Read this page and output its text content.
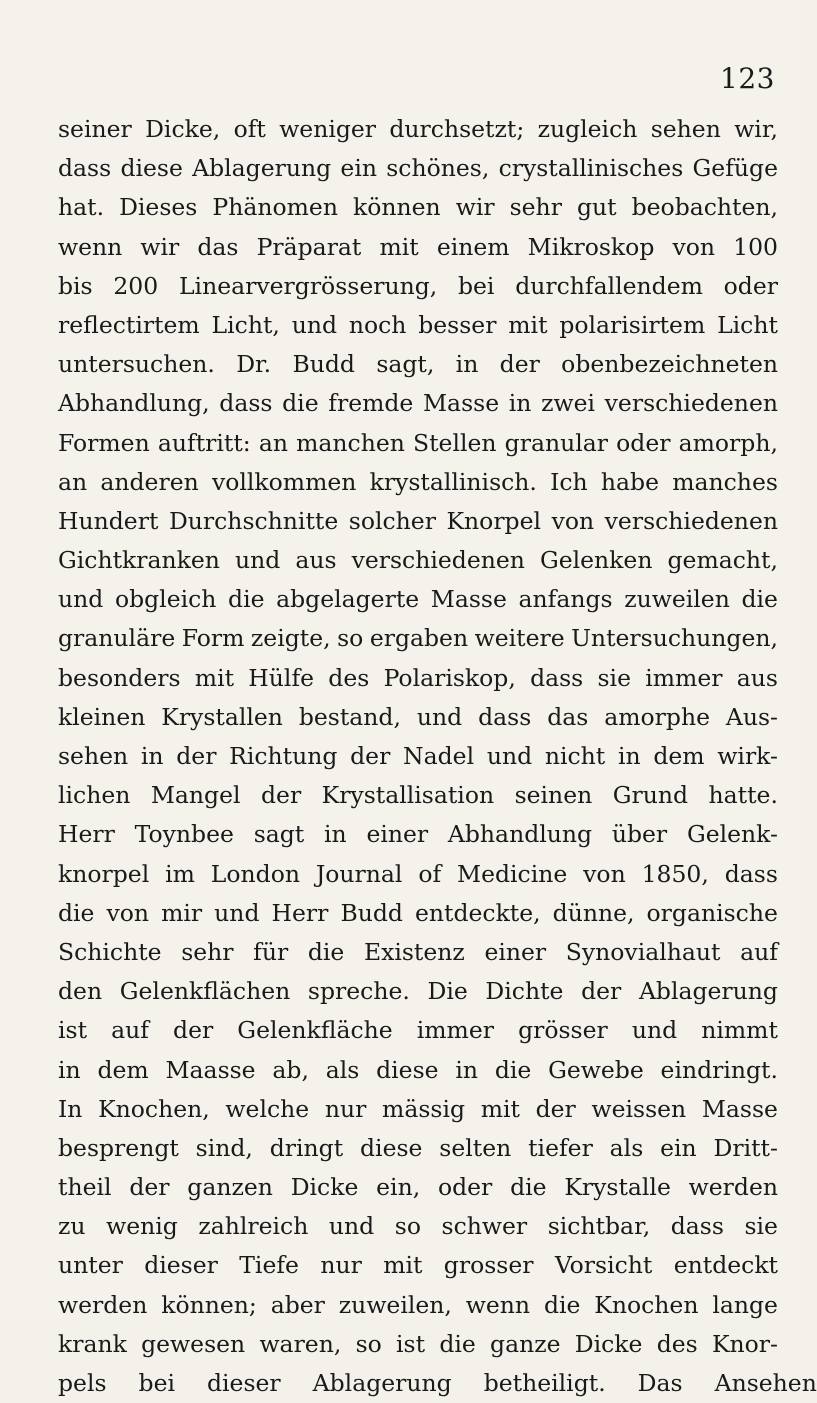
123
seiner Dicke, oft weniger durchsetzt; zugleich sehen wir,
dass diese Ablagerung ein schönes, crystallinisches Gefüge
hat. Dieses Phänomen können wir sehr gut beobachten,
wenn wir das Präparat mit einem Mikroskop von 100
bis 200 Linearvergrösserung, bei durchfallendem oder
reflectirtem Licht, und noch besser mit polarisirtem Licht
untersuchen. Dr. Budd sagt, in der obenbezeichneten
Abhandlung, dass die fremde Masse in zwei verschiedenen
Formen auftritt: an manchen Stellen granular oder amorph,
an anderen vollkommen krystallinisch. Ich habe manches
Hundert Durchschnitte solcher Knorpel von verschiedenen
Gichtkranken und aus verschiedenen Gelenken gemacht,
und obgleich die abgelagerte Masse anfangs zuweilen die
granuläre Form zeigte, so ergaben weitere Untersuchungen,
besonders mit Hülfe des Polariskop, dass sie immer aus
kleinen Krystallen bestand, und dass das amorphe Aus-
sehen in der Richtung der Nadel und nicht in dem wirk-
lichen Mangel der Krystallisation seinen Grund hatte.
Herr Toynbee sagt in einer Abhandlung über Gelenk-
knorpel im London Journal of Medicine von 1850, dass
die von mir und Herr Budd entdeckte, dünne, organische
Schichte sehr für die Existenz einer Synovialhaut auf
den Gelenkflächen spreche. Die Dichte der Ablagerung
ist auf der Gelenkfläche immer grösser und nimmt
in dem Maasse ab, als diese in die Gewebe eindringt.
In Knochen, welche nur mässig mit der weissen Masse
besprengt sind, dringt diese selten tiefer als ein Dritt-
theil der ganzen Dicke ein, oder die Krystalle werden
zu wenig zahlreich und so schwer sichtbar, dass sie
unter dieser Tiefe nur mit grosser Vorsicht entdeckt
werden können; aber zuweilen, wenn die Knochen lange
krank gewesen waren, so ist die ganze Dicke des Knor-
pels bei dieser Ablagerung betheiligt. Das Ansehen
